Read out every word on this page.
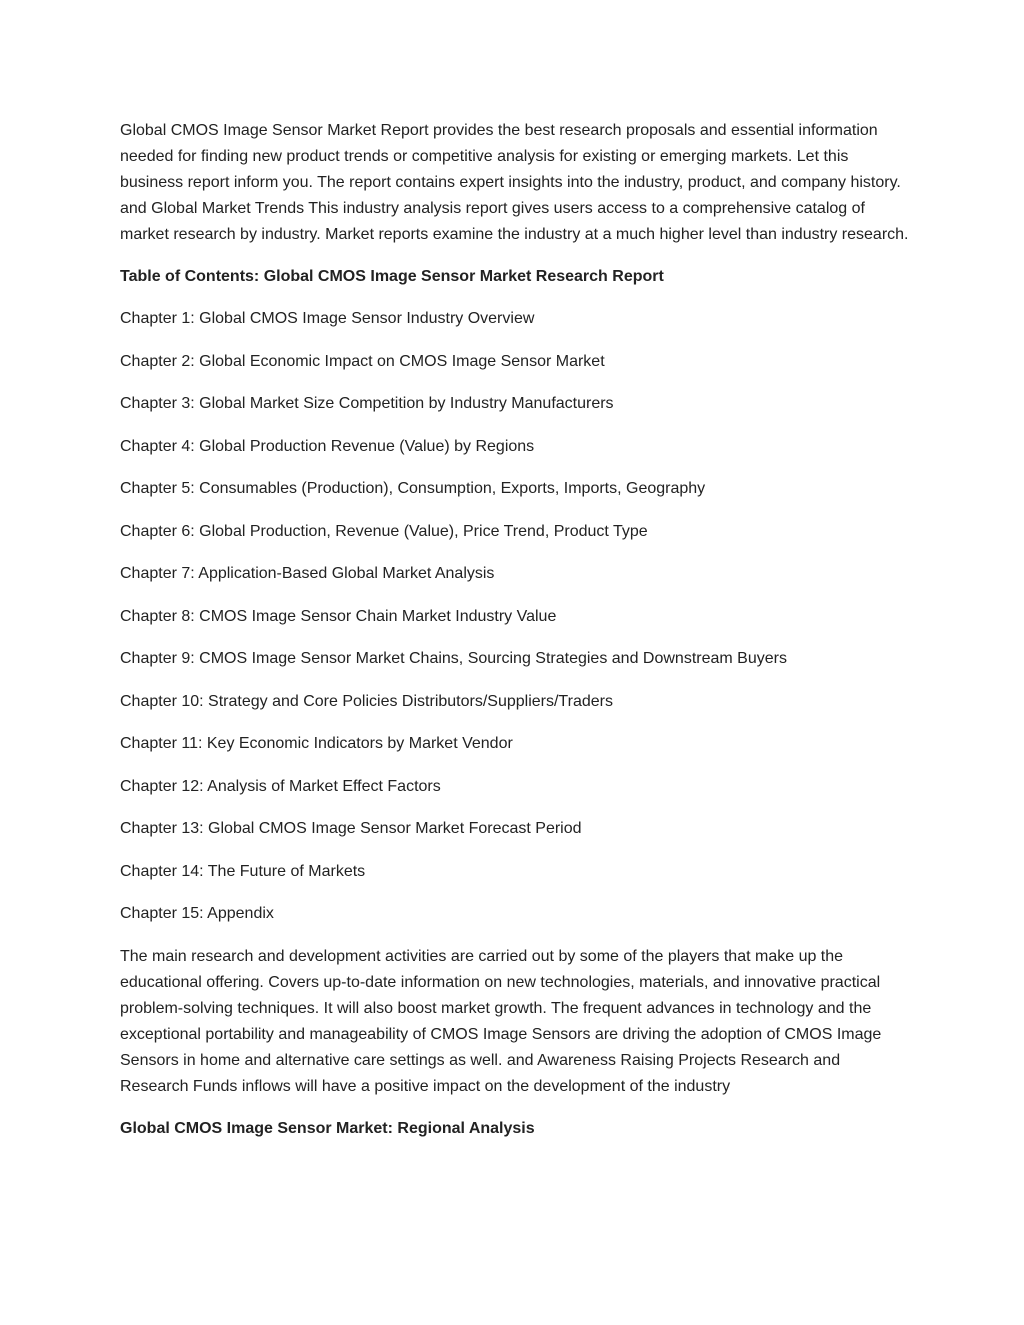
Global CMOS Image Sensor Market Report provides the best research proposals and essential information needed for finding new product trends or competitive analysis for existing or emerging markets. Let this business report inform you. The report contains expert insights into the industry, product, and company history. and Global Market Trends This industry analysis report gives users access to a comprehensive catalog of market research by industry. Market reports examine the industry at a much higher level than industry research.

Table of Contents: Global CMOS Image Sensor Market Research Report

Chapter 1: Global CMOS Image Sensor Industry Overview
Chapter 2: Global Economic Impact on CMOS Image Sensor Market
Chapter 3: Global Market Size Competition by Industry Manufacturers
Chapter 4: Global Production Revenue (Value) by Regions
Chapter 5: Consumables (Production), Consumption, Exports, Imports, Geography
Chapter 6: Global Production, Revenue (Value), Price Trend, Product Type
Chapter 7: Application-Based Global Market Analysis
Chapter 8: CMOS Image Sensor Chain Market Industry Value
Chapter 9: CMOS Image Sensor Market Chains, Sourcing Strategies and Downstream Buyers
Chapter 10: Strategy and Core Policies Distributors/Suppliers/Traders
Chapter 11: Key Economic Indicators by Market Vendor
Chapter 12: Analysis of Market Effect Factors
Chapter 13: Global CMOS Image Sensor Market Forecast Period
Chapter 14: The Future of Markets
Chapter 15: Appendix

The main research and development activities are carried out by some of the players that make up the educational offering. Covers up-to-date information on new technologies, materials, and innovative practical problem-solving techniques. It will also boost market growth. The frequent advances in technology and the exceptional portability and manageability of CMOS Image Sensors are driving the adoption of CMOS Image Sensors in home and alternative care settings as well. and Awareness Raising Projects Research and Research Funds inflows will have a positive impact on the development of the industry

Global CMOS Image Sensor Market: Regional Analysis
